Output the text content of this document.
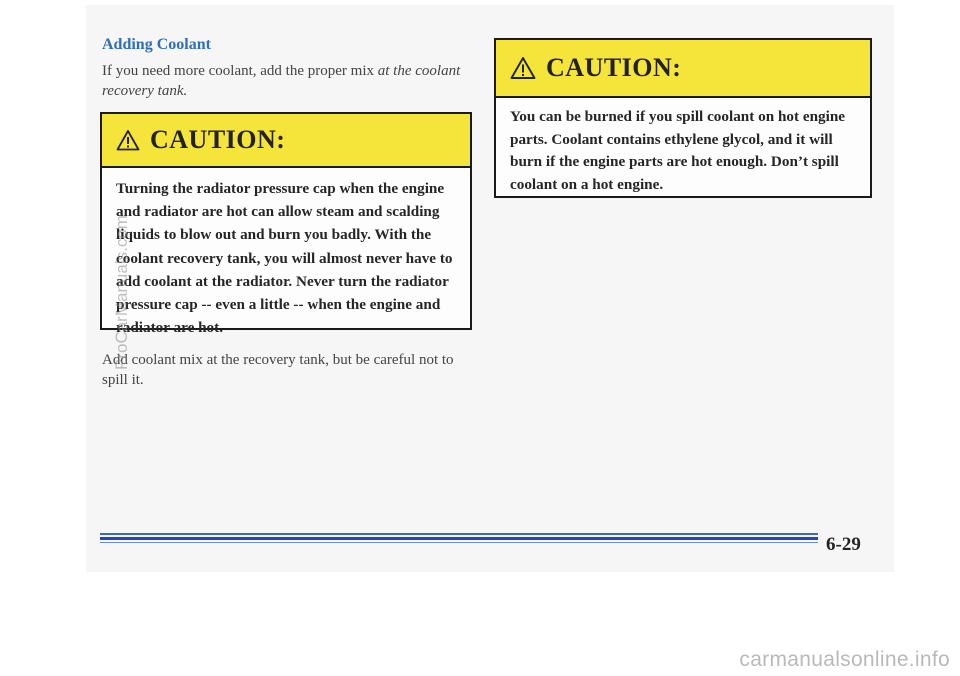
Adding Coolant

If you need more coolant, add the proper mix at the coolant recovery tank.

CAUTION:

Turning the radiator pressure cap when the engine and radiator are hot can allow steam and scalding liquids to blow out and burn you badly. With the coolant recovery tank, you will almost never have to add coolant at the radiator. Never turn the radiator pressure cap -- even a little -- when the engine and radiator are hot.

Add coolant mix at the recovery tank, but be careful not to spill it.

CAUTION:

You can be burned if you spill coolant on hot engine parts. Coolant contains ethylene glycol, and it will burn if the engine parts are hot enough. Don’t spill coolant on a hot engine.

6-29

ProCarManuals.com

carmanualsonline.info
